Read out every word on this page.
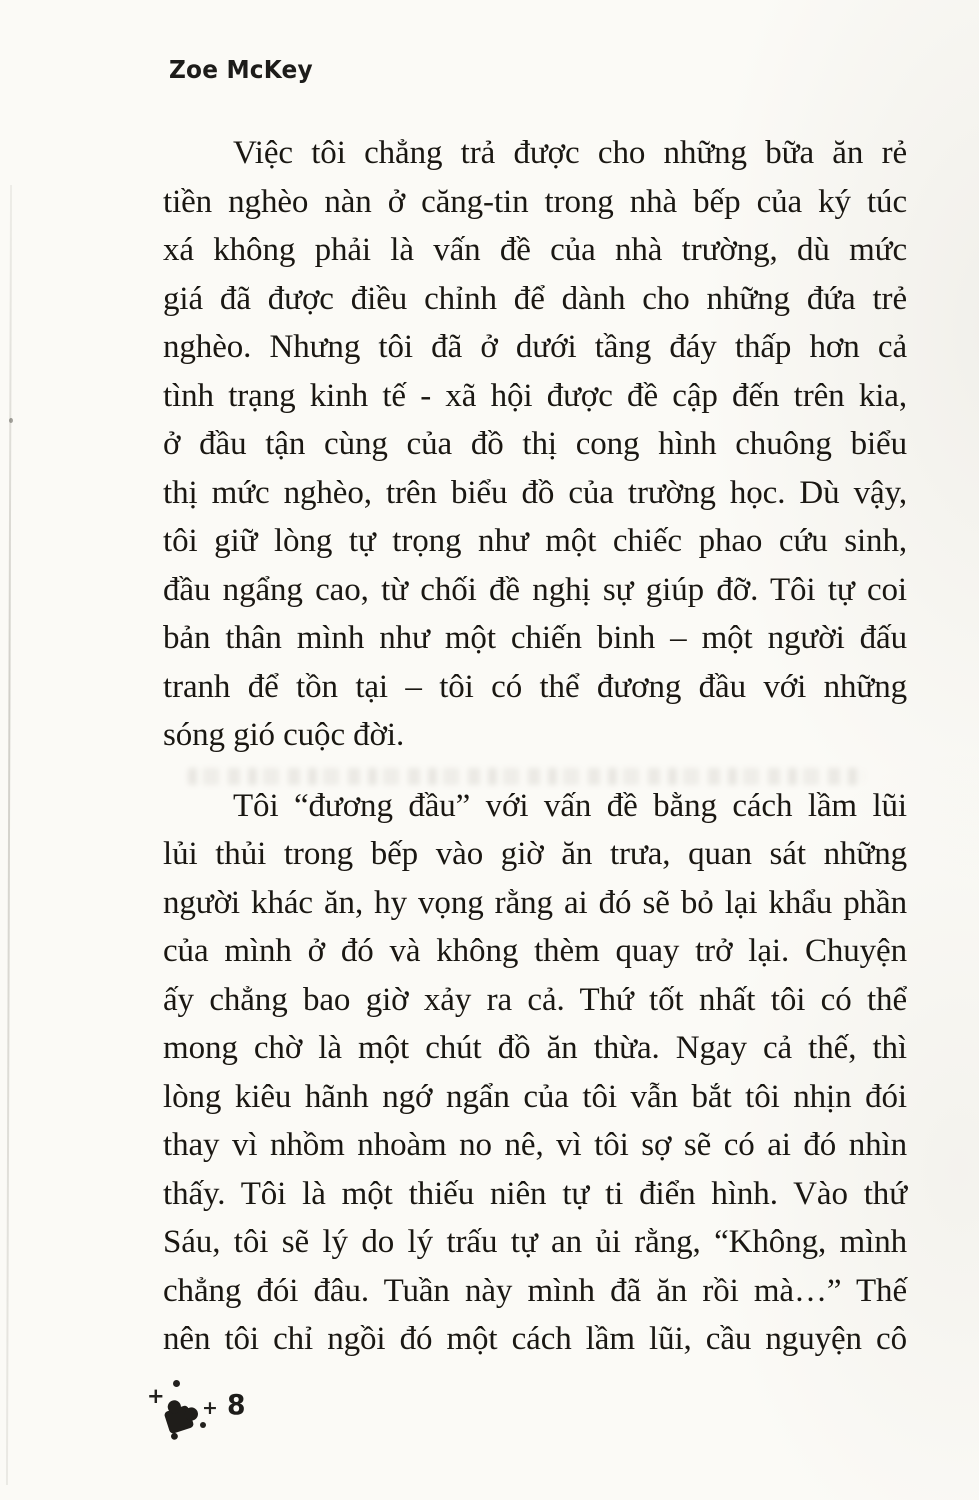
Zoe McKey
Việc tôi chẳng trả được cho những bữa ăn rẻ
tiền nghèo nàn ở căng-tin trong nhà bếp của ký túc
xá không phải là vấn đề của nhà trường, dù mức
giá đã được điều chỉnh để dành cho những đứa trẻ
nghèo. Nhưng tôi đã ở dưới tầng đáy thấp hơn cả
tình trạng kinh tế - xã hội được đề cập đến trên kia,
ở đầu tận cùng của đồ thị cong hình chuông biểu
thị mức nghèo, trên biểu đồ của trường học. Dù vậy,
tôi giữ lòng tự trọng như một chiếc phao cứu sinh,
đầu ngẩng cao, từ chối đề nghị sự giúp đỡ. Tôi tự coi
bản thân mình như một chiến binh – một người đấu
tranh để tồn tại – tôi có thể đương đầu với những
sóng gió cuộc đời.
Tôi “đương đầu” với vấn đề bằng cách lầm lũi
lủi thủi trong bếp vào giờ ăn trưa, quan sát những
người khác ăn, hy vọng rằng ai đó sẽ bỏ lại khẩu phần
của mình ở đó và không thèm quay trở lại. Chuyện
ấy chẳng bao giờ xảy ra cả. Thứ tốt nhất tôi có thể
mong chờ là một chút đồ ăn thừa. Ngay cả thế, thì
lòng kiêu hãnh ngớ ngẩn của tôi vẫn bắt tôi nhịn đói
thay vì nhồm nhoàm no nê, vì tôi sợ sẽ có ai đó nhìn
thấy. Tôi là một thiếu niên tự ti điển hình. Vào thứ
Sáu, tôi sẽ lý do lý trấu tự an ủi rằng, “Không, mình
chẳng đói đâu. Tuần này mình đã ăn rồi mà…” Thế
nên tôi chỉ ngồi đó một cách lầm lũi, cầu nguyện cô
+ + 8
